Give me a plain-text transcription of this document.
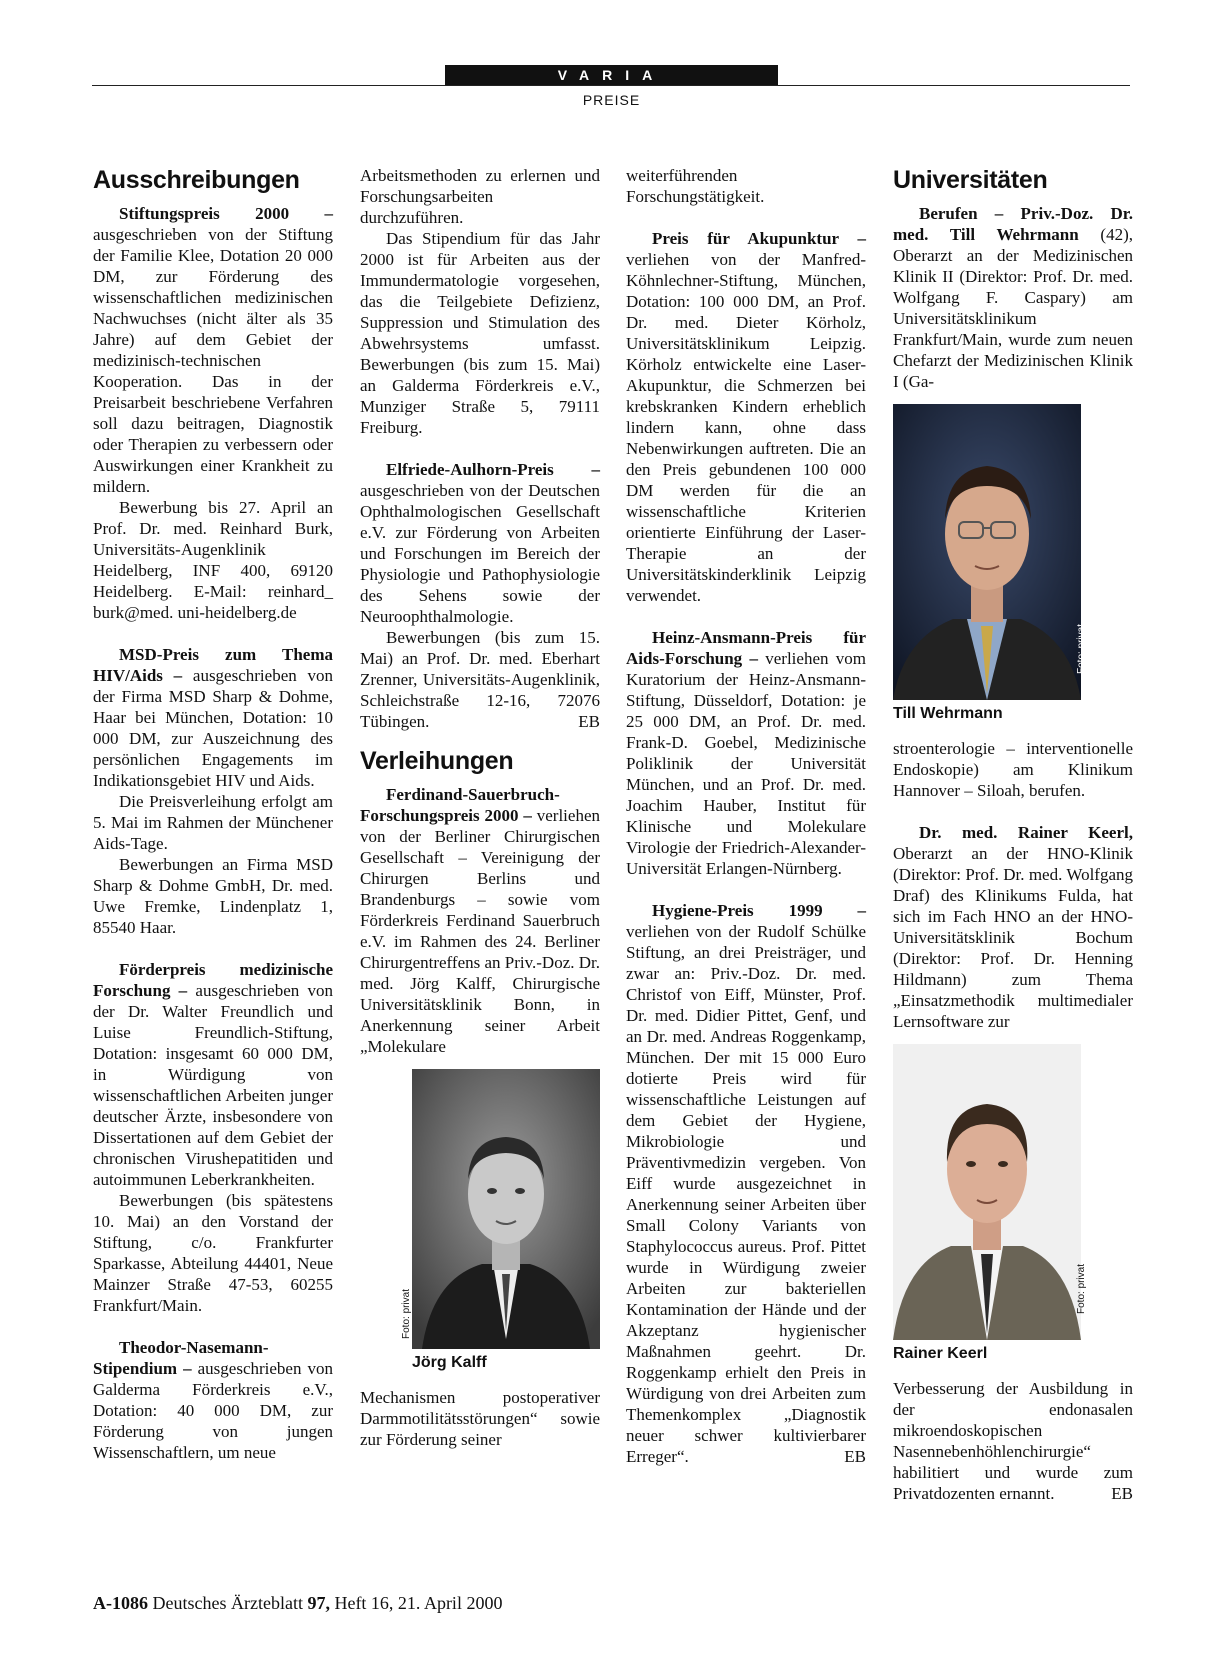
VARIA
PREISE
Ausschreibungen

Stiftungspreis 2000 – ausgeschrieben von der Stiftung der Familie Klee, Dotation 20 000 DM, zur Förderung des wissenschaftlichen medizinischen Nachwuchses (nicht älter als 35 Jahre) auf dem Gebiet der medizinisch-technischen Kooperation. Das in der Preisarbeit beschriebene Verfahren soll dazu beitragen, Diagnostik oder Therapien zu verbessern oder Auswirkungen einer Krankheit zu mildern.

Bewerbung bis 27. April an Prof. Dr. med. Reinhard Burk, Universitäts-Augenklinik Heidelberg, INF 400, 69120 Heidelberg. E-Mail: reinhard_ burk@med. uni-heidelberg.de

MSD-Preis zum Thema HIV/Aids – ausgeschrieben von der Firma MSD Sharp & Dohme, Haar bei München, Dotation: 10 000 DM, zur Auszeichnung des persönlichen Engagements im Indikationsgebiet HIV und Aids.

Die Preisverleihung erfolgt am 5. Mai im Rahmen der Münchener Aids-Tage.

Bewerbungen an Firma MSD Sharp & Dohme GmbH, Dr. med. Uwe Fremke, Lindenplatz 1, 85540 Haar.

Förderpreis medizinische Forschung – ausgeschrieben von der Dr. Walter Freundlich und Luise Freundlich-Stiftung, Dotation: insgesamt 60 000 DM, in Würdigung von wissenschaftlichen Arbeiten junger deutscher Ärzte, insbesondere von Dissertationen auf dem Gebiet der chronischen Virushepatitiden und autoimmunen Leberkrankheiten.

Bewerbungen (bis spätestens 10. Mai) an den Vorstand der Stiftung, c/o. Frankfurter Sparkasse, Abteilung 44401, Neue Mainzer Straße 47-53, 60255 Frankfurt/Main.

Theodor-Nasemann-Stipendium – ausgeschrieben von Galderma Förderkreis e.V., Dotation: 40 000 DM, zur Förderung von jungen Wissenschaftlern, um neue

Arbeitsmethoden zu erlernen und Forschungsarbeiten durchzuführen.

Das Stipendium für das Jahr 2000 ist für Arbeiten aus der Immundermatologie vorgesehen, das die Teilgebiete Defizienz, Suppression und Stimulation des Abwehrsystems umfasst. Bewerbungen (bis zum 15. Mai) an Galderma Förderkreis e.V., Munziger Straße 5, 79111 Freiburg.

Elfriede-Aulhorn-Preis – ausgeschrieben von der Deutschen Ophthalmologischen Gesellschaft e.V. zur Förderung von Arbeiten und Forschungen im Bereich der Physiologie und Pathophysiologie des Sehens sowie der Neuroophthalmologie.

Bewerbungen (bis zum 15. Mai) an Prof. Dr. med. Eberhart Zrenner, Universitäts-Augenklinik, Schleichstraße 12-16, 72076 Tübingen.	EB

Verleihungen

Ferdinand-Sauerbruch-Forschungspreis 2000 – verliehen von der Berliner Chirurgischen Gesellschaft – Vereinigung der Chirurgen Berlins und Brandenburgs – sowie vom Förderkreis Ferdinand Sauerbruch e.V. im Rahmen des 24. Berliner Chirurgentreffens an Priv.-Doz. Dr. med. Jörg Kalff, Chirurgische Universitätsklinik Bonn, in Anerkennung seiner Arbeit „Molekulare

Foto: privat
Jörg Kalff

Mechanismen postoperativer Darmmotilitätsstörungen“ sowie zur Förderung seiner

weiterführenden Forschungstätigkeit.

Preis für Akupunktur – verliehen von der Manfred-Köhnlechner-Stiftung, München, Dotation: 100 000 DM, an Prof. Dr. med. Dieter Körholz, Universitätsklinikum Leipzig. Körholz entwickelte eine Laser-Akupunktur, die Schmerzen bei krebskranken Kindern erheblich lindern kann, ohne dass Nebenwirkungen auftreten. Die an den Preis gebundenen 100 000 DM werden für die an wissenschaftliche Kriterien orientierte Einführung der Laser-Therapie an der Universitätskinderklinik Leipzig verwendet.

Heinz-Ansmann-Preis für Aids-Forschung – verliehen vom Kuratorium der Heinz-Ansmann-Stiftung, Düsseldorf, Dotation: je 25 000 DM, an Prof. Dr. med. Frank-D. Goebel, Medizinische Poliklinik der Universität München, und an Prof. Dr. med. Joachim Hauber, Institut für Klinische und Molekulare Virologie der Friedrich-Alexander-Universität Erlangen-Nürnberg.

Hygiene-Preis 1999 – verliehen von der Rudolf Schülke Stiftung, an drei Preisträger, und zwar an: Priv.-Doz. Dr. med. Christof von Eiff, Münster, Prof. Dr. med. Didier Pittet, Genf, und an Dr. med. Andreas Roggenkamp, München. Der mit 15 000 Euro dotierte Preis wird für wissenschaftliche Leistungen auf dem Gebiet der Hygiene, Mikrobiologie und Präventivmedizin vergeben. Von Eiff wurde ausgezeichnet in Anerkennung seiner Arbeiten über Small Colony Variants von Staphylococcus aureus. Prof. Pittet wurde in Würdigung zweier Arbeiten zur bakteriellen Kontamination der Hände und der Akzeptanz hygienischer Maßnahmen geehrt. Dr. Roggenkamp erhielt den Preis in Würdigung von drei Arbeiten zum Themenkomplex „Diagnostik neuer schwer kultivierbarer Erreger“.	EB

Universitäten

Berufen – Priv.-Doz. Dr. med. Till Wehrmann (42), Oberarzt an der Medizinischen Klinik II (Direktor: Prof. Dr. med. Wolfgang F. Caspary) am Universitätsklinikum Frankfurt/Main, wurde zum neuen Chefarzt der Medizinischen Klinik I (Ga-

Foto: privat
Till Wehrmann

stroenterologie – interventionelle Endoskopie) am Klinikum Hannover – Siloah, berufen.

Dr. med. Rainer Keerl, Oberarzt an der HNO-Klinik (Direktor: Prof. Dr. med. Wolfgang Draf) des Klinikums Fulda, hat sich im Fach HNO an der HNO-Universitätsklinik Bochum (Direktor: Prof. Dr. Henning Hildmann) zum Thema „Einsatzmethodik multimedialer Lernsoftware zur

Foto: privat
Rainer Keerl

Verbesserung der Ausbildung in der endonasalen mikroendoskopischen Nasennebenhöhlenchirurgie“ habilitiert und wurde zum Privatdozenten ernannt.	EB

A-1086 Deutsches Ärzteblatt 97, Heft 16, 21. April 2000
